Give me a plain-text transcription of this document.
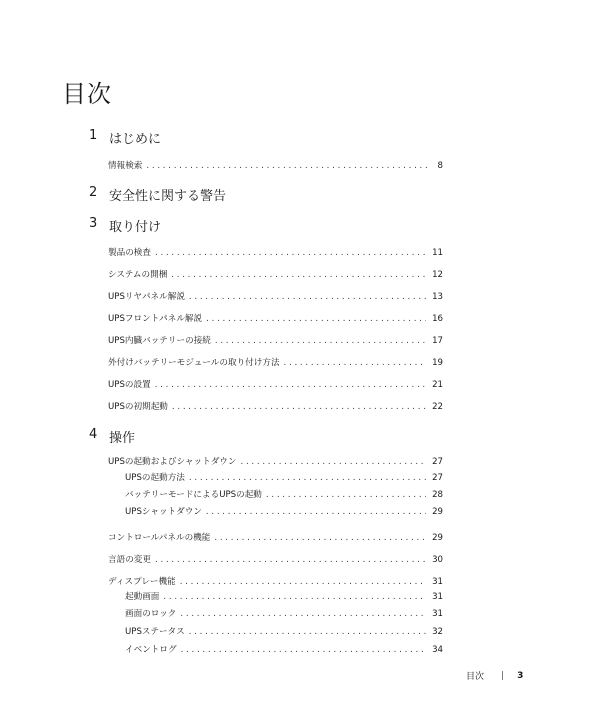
目次
1 はじめに
情報検索 . . .	8
2 安全性に関する警告
3 取り付け
製品の検査 . . .	11
システムの開梱 . . .	12
UPSリヤパネル解説 . . .	13
UPSフロントパネル解説 . . .	16
UPS内臓バッテリーの接続 . . .	17
外付けバッテリーモジュールの取り付け方法 . . .	19
UPSの設置 . . .	21
UPSの初期起動 . . .	22
4 操作
UPSの起動およびシャットダウン . . .	27
UPSの起動方法 . . .	27
バッテリーモードによるUPSの起動 . . .	28
UPSシャットダウン . . .	29
コントロールパネルの機能 . . .	29
言語の変更 . . .	30
ディスプレー機能 . . .	31
起動画面 . . .	31
画面のロック . . .	31
UPSステータス . . .	32
イベントログ . . .	34
目次 | 3
